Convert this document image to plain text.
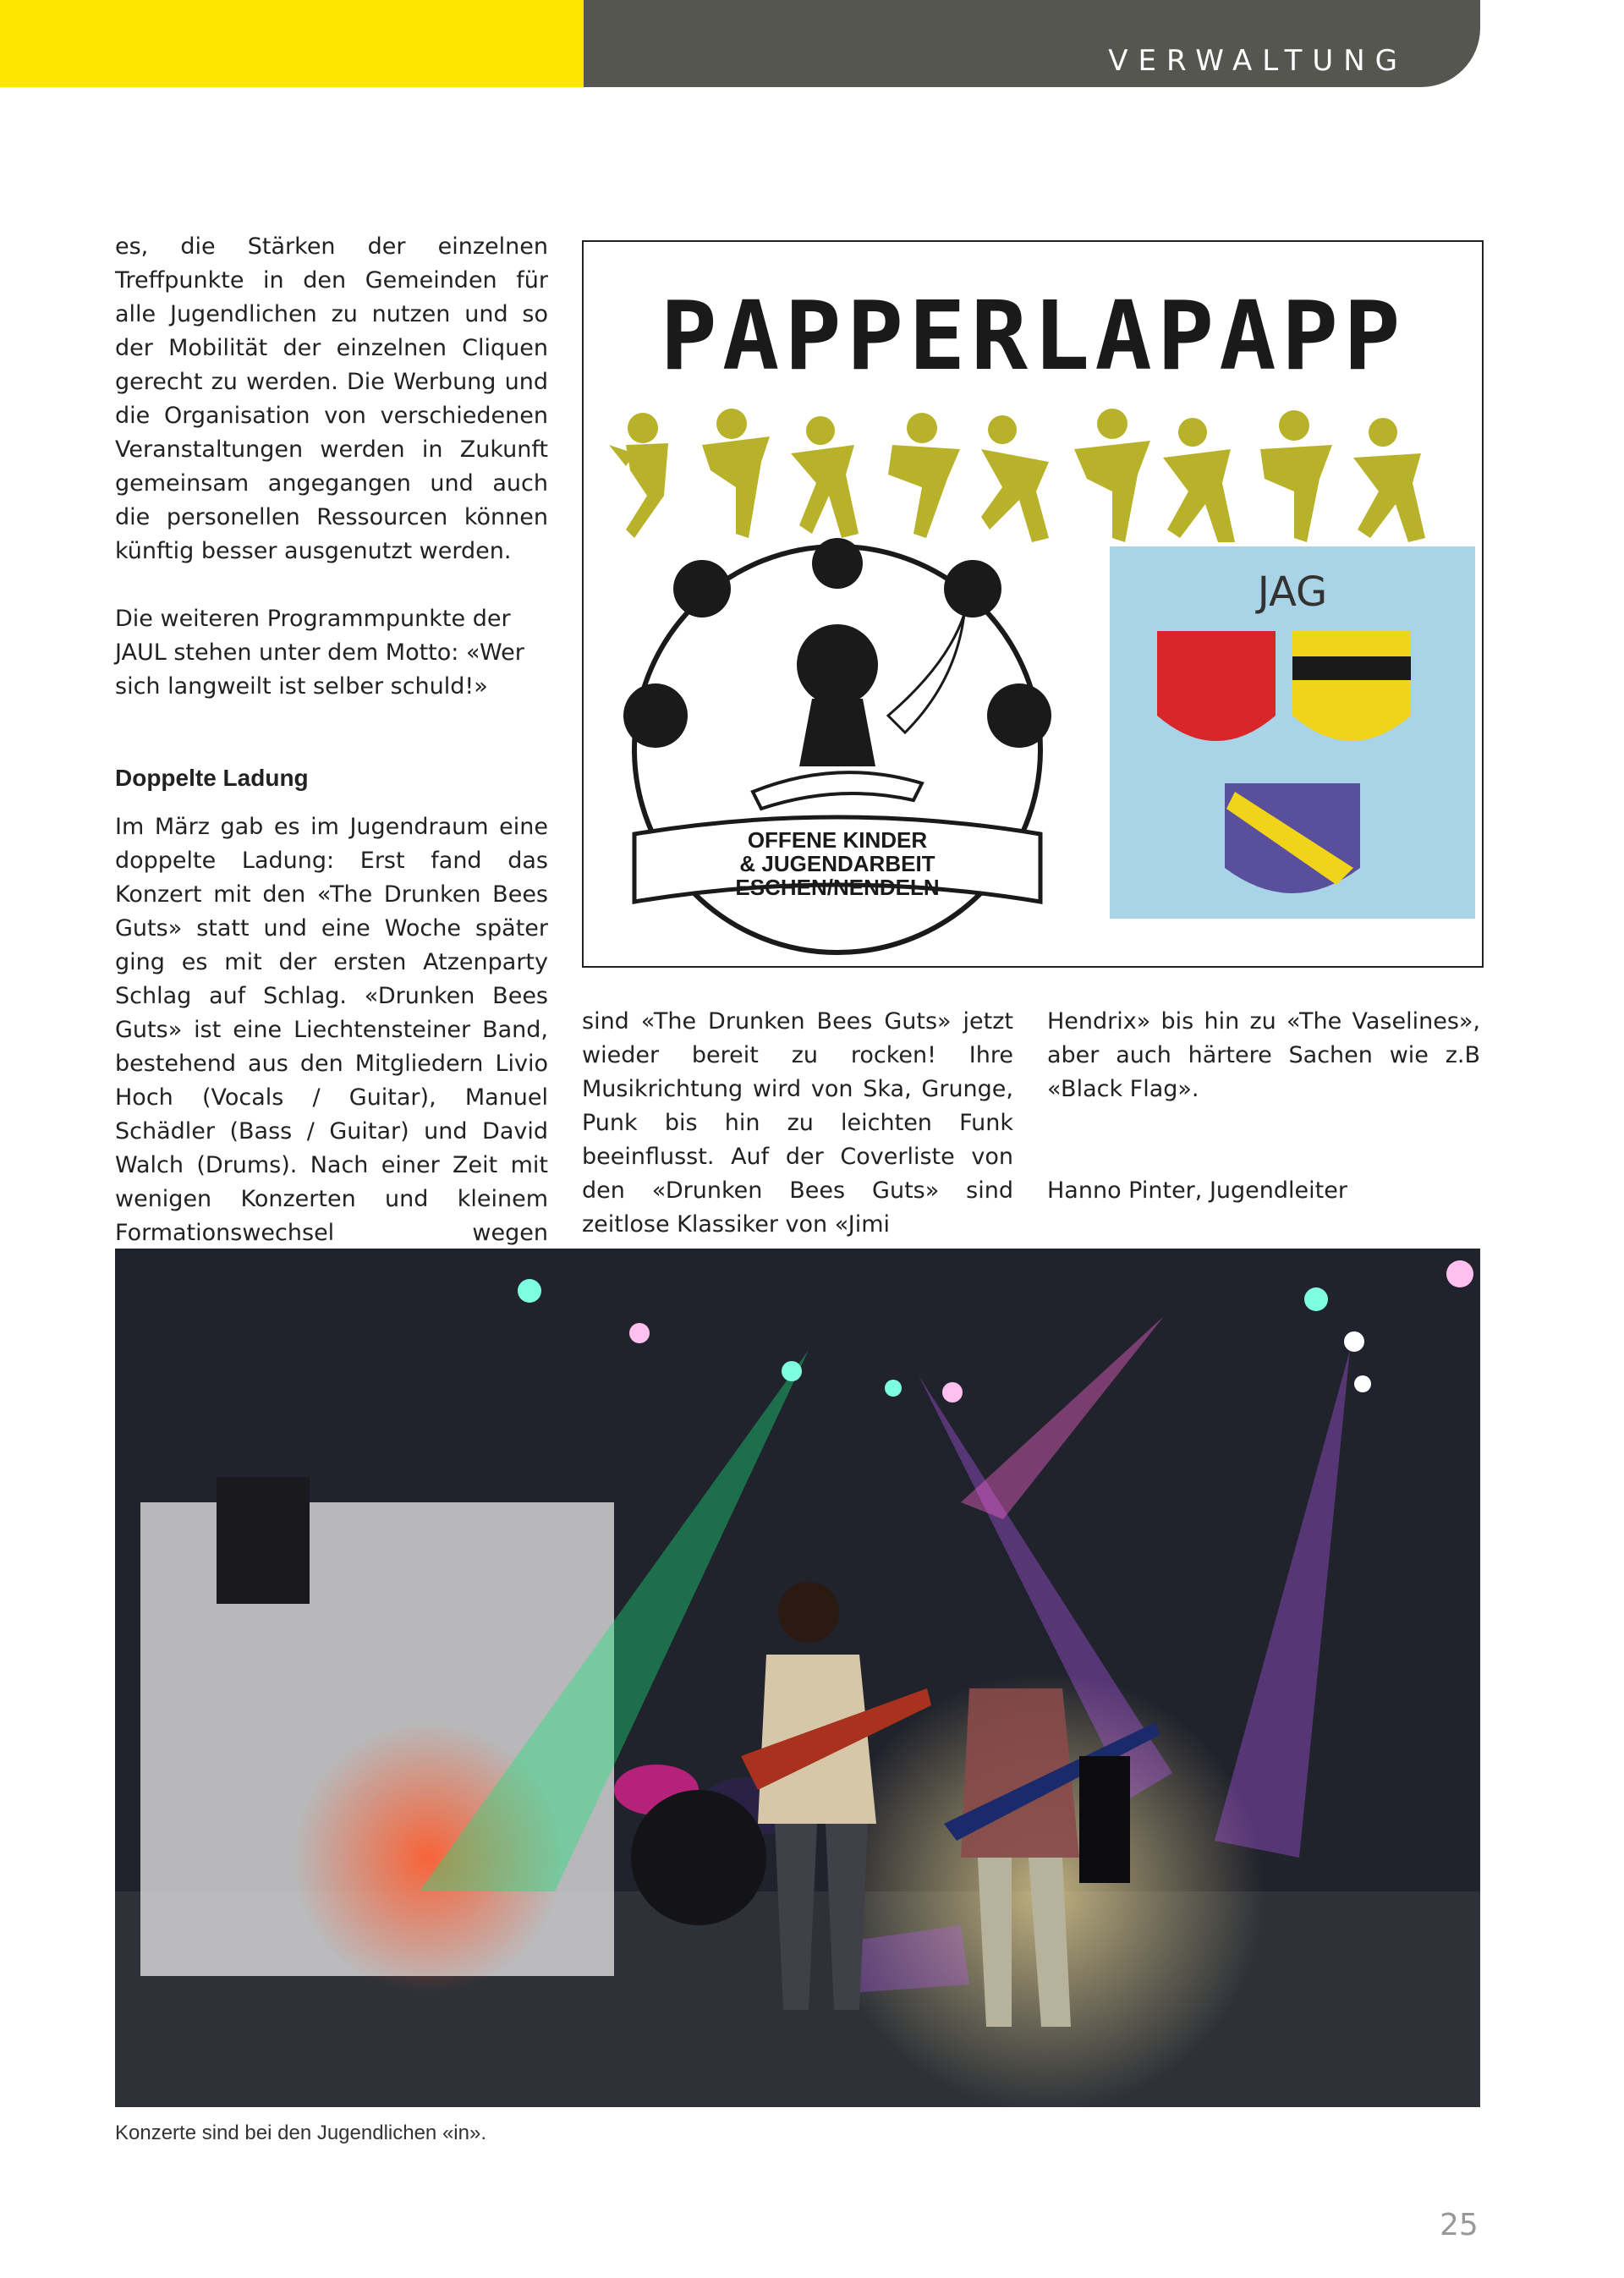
VERWALTUNG

es, die Stärken der einzelnen Treffpunkte in den Gemeinden für alle Jugendlichen zu nutzen und so der Mobilität der einzelnen Cliquen gerecht zu werden. Die Werbung und die Organisation von verschiedenen Veranstaltungen werden in Zukunft gemeinsam angegangen und auch die personellen Ressourcen können künftig besser ausgenutzt werden.

Die weiteren Programmpunkte der JAUL stehen unter dem Motto: «Wer sich langweilt ist selber schuld!»

Doppelte Ladung

Im März gab es im Jugendraum eine doppelte Ladung: Erst fand das Konzert mit den «The Drunken Bees Guts» statt und eine Woche später ging es mit der ersten Atzenparty Schlag auf Schlag. «Drunken Bees Guts» ist eine Liechtensteiner Band, bestehend aus den Mitgliedern Livio Hoch (Vocals / Guitar), Manuel Schädler (Bass / Guitar) und David Walch (Drums). Nach einer Zeit mit wenigen Konzerten und kleinem Formationswechsel wegen

PAPPERLAPAPP
OFFENE KINDER
& JUGENDARBEIT
ESCHEN/NENDELN
JAG

sind «The Drunken Bees Guts» jetzt wieder bereit zu rocken! Ihre Musikrichtung wird von Ska, Grunge, Punk bis hin zu leichten Funk beeinflusst. Auf der Coverliste von den «Drunken Bees Guts» sind zeitlose Klassiker von «Jimi

Hendrix» bis hin zu «The Vaselines», aber auch härtere Sachen wie z.B «Black Flag».

Hanno Pinter, Jugendleiter

Konzerte sind bei den Jugendlichen «in».
25
